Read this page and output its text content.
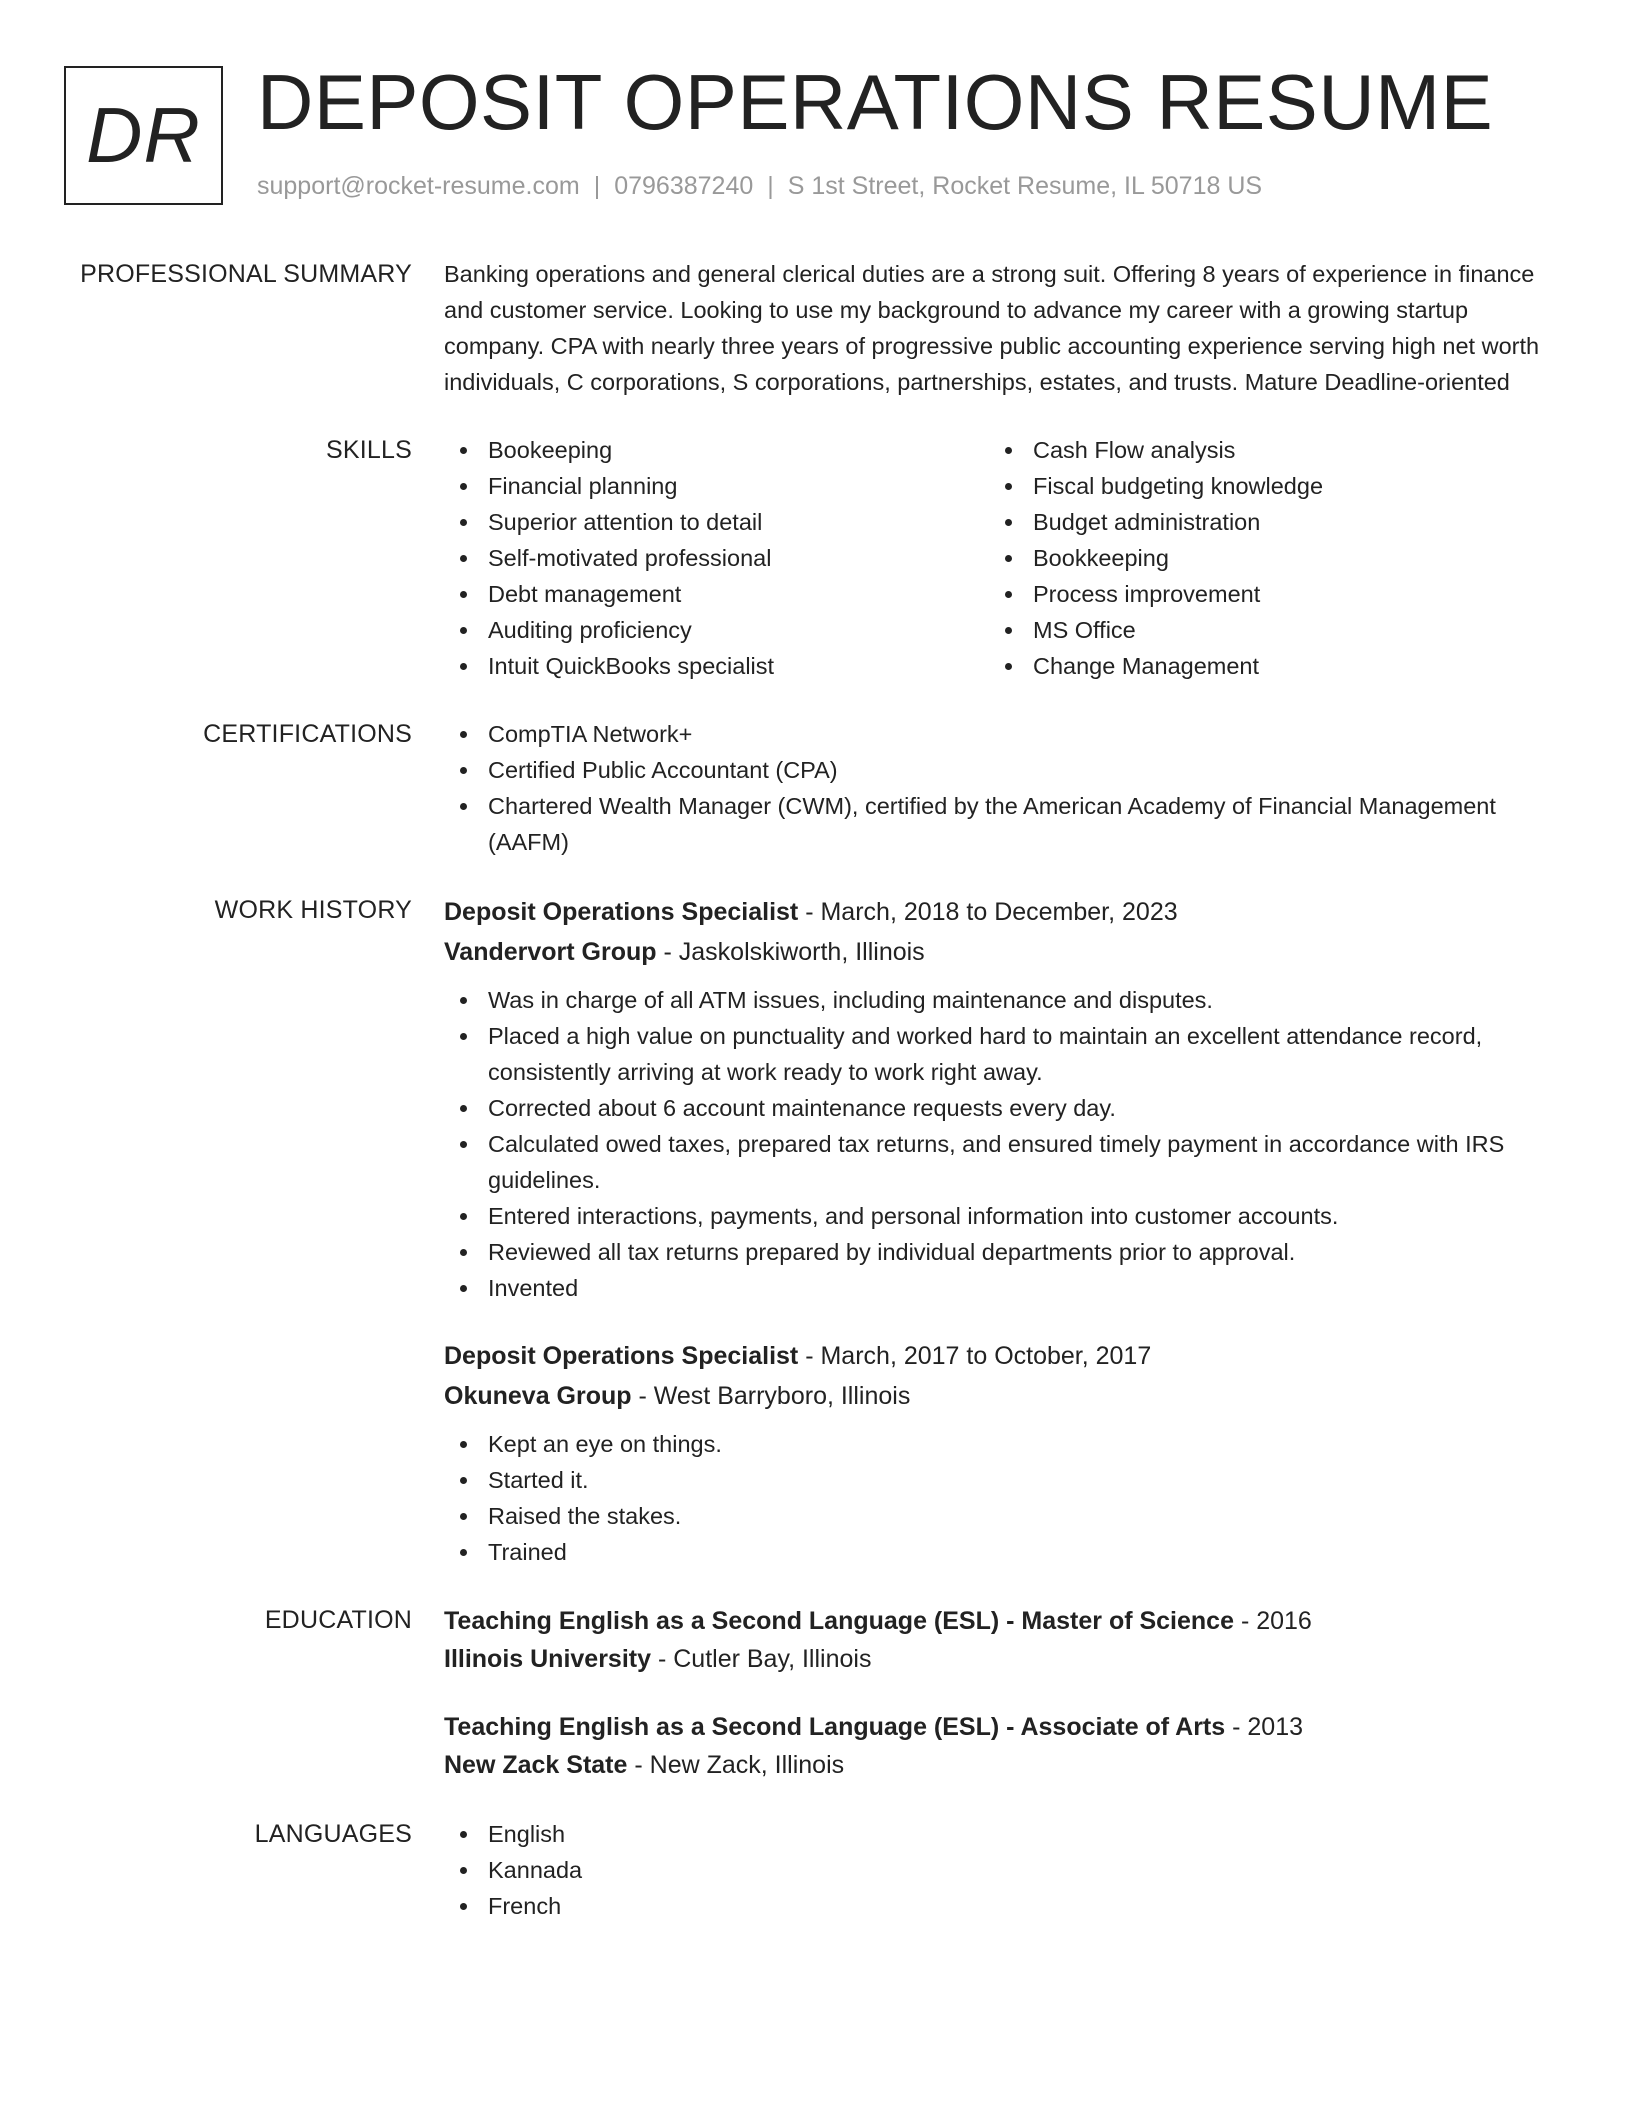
DR DEPOSIT OPERATIONS RESUME
support@rocket-resume.com | 0796387240 | S 1st Street, Rocket Resume, IL 50718 US
PROFESSIONAL SUMMARY Banking operations and general clerical duties are a strong suit. Offering 8 years of experience in finance and customer service. Looking to use my background to advance my career with a growing startup company. CPA with nearly three years of progressive public accounting experience serving high net worth individuals, C corporations, S corporations, partnerships, estates, and trusts. Mature Deadline-oriented

SKILLS	Bookeeping
Financial planning
Superior attention to detail
Self-motivated professional
Debt management
Auditing proficiency
Intuit QuickBooks specialist
Cash Flow analysis
Fiscal budgeting knowledge
Budget administration
Bookkeeping
Process improvement
MS Office
Change Management
CERTIFICATIONS	CompTIA Network+
Certified Public Accountant (CPA)
Chartered Wealth Manager (CWM), certified by the American Academy of Financial Management (AAFM)
WORK HISTORY Deposit Operations Specialist - March, 2018 to December, 2023
Vandervort Group - Jaskolskiworth, Illinois
Was in charge of all ATM issues, including maintenance and disputes.
Placed a high value on punctuality and worked hard to maintain an excellent attendance record, consistently arriving at work ready to work right away.
Corrected about 6 account maintenance requests every day.
Calculated owed taxes, prepared tax returns, and ensured timely payment in accordance with IRS guidelines.
Entered interactions, payments, and personal information into customer accounts.
Reviewed all tax returns prepared by individual departments prior to approval.
Invented
Deposit Operations Specialist - March, 2017 to October, 2017
Okuneva Group - West Barryboro, Illinois
Kept an eye on things.
Started it.
Raised the stakes.
Trained
EDUCATION Teaching English as a Second Language (ESL) - Master of Science - 2016
Illinois University - Cutler Bay, Illinois
Teaching English as a Second Language (ESL) - Associate of Arts - 2013
New Zack State - New Zack, Illinois
LANGUAGES	English
Kannada
French
